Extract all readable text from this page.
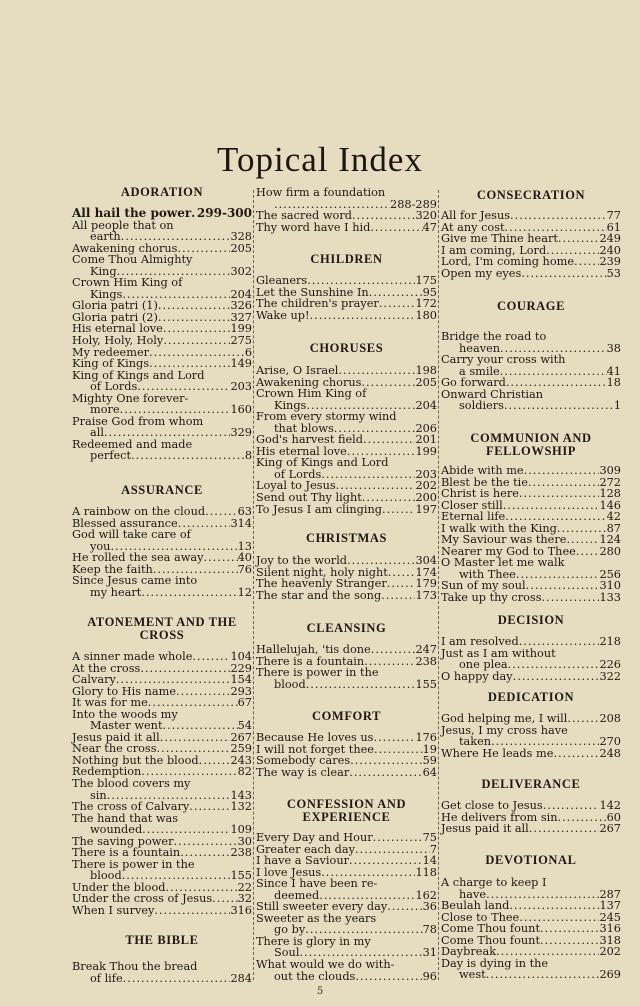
Topical Index
ADORATION
All hail the power ..... 299-300
All people that on
earth .....	328
Awakening chorus .....	205
Come Thou Almighty
King .....	302
Crown Him King of
Kings .....	204
Gloria patri (1) .....	326
Gloria patri (2) .....	327
His eternal love .....	199
Holy, Holy, Holy .....	275
My redeemer .....	6
King of Kings .....	149
King of Kings and Lord
of Lords .....	203
Mighty One forever-
more .....	160
Praise God from whom
all .....	329
Redeemed and made
perfect .....	8
ASSURANCE
A rainbow on the cloud .....	63
Blessed assurance .....	314
God will take care of
you .....	13
He rolled the sea away .....	40
Keep the faith .....	76
Since Jesus came into
my heart .....	12
ATONEMENT AND THE CROSS
A sinner made whole .....	104
At the cross .....	229
Calvary .....	154
Glory to His name .....	293
It was for me .....	67
Into the woods my
Master went .....	54
Jesus paid it all .....	267
Near the cross .....	259
Nothing but the blood .....	243
Redemption .....	82
The blood covers my
sin .....	143
The cross of Calvary .....	132
The hand that was
wounded .....	109
The saving power .....	30
There is a fountain .....	238
There is power in the
blood .....	155
Under the blood .....	22
Under the cross of Jesus ..... 32
When I survey .....	316
THE BIBLE
Break Thou the bread
of life .....	284
How firm a foundation
.....
288-289
The sacred word .....	320
Thy word have I hid .....	47
CHILDREN
Gleaners .....	175
Let the Sunshine In .....	95
The children's prayer .....	172
Wake up! .....	180
CHORUSES
Arise, O Israel .....	198
Awakening chorus .....	205
Crown Him King of
Kings .....	204
From every stormy wind
that blows .....	206
God's harvest field .....	201
His eternal love .....	199
King of Kings and Lord
of Lords .....	203
Loyal to Jesus .....	202
Send out Thy light .....	200
To Jesus I am clinging .....	197
CHRISTMAS
Joy to the world .....	304
Silent night, holy night ..... 174
The heavenly Stranger .....	179
The star and the song .....	173
CLEANSING
Hallelujah, 'tis done .....	247
There is a fountain .....	238
There is power in the
blood .....	155
COMFORT
Because He loves us .....	176
I will not forget thee .....	19
Somebody cares .....	59
The way is clear .....	64
CONFESSION AND EXPERIENCE
Every Day and Hour .....	75
Greater each day .....	7
I have a Saviour .....	14
I love Jesus .....	118
Since I have been re-
deemed .....	162
Still sweeter every day .....	36
Sweeter as the years
go by .....	78
There is glory in my
Soul .....	31
What would we do with-
out the clouds .....	96
CONSECRATION
All for Jesus .....	77
At any cost .....	61
Give me Thine heart .....	249
I am coming, Lord .....	240
Lord, I'm coming home ..... 239
Open my eyes .....	53
COURAGE
Bridge the road to
heaven .....	38
Carry your cross with
a smile .....	41
Go forward .....	18
Onward Christian
soldiers .....	1
COMMUNION AND FELLOWSHIP
Abide with me .....	309
Blest be the tie .....	272
Christ is here .....	128
Closer still .....	146
Eternal life .....	42
I walk with the King .....	87
My Saviour was there .....	124
Nearer my God to Thee ..... 280
O Master let me walk
with Thee .....	256
Sun of my soul .....	310
Take up thy cross .....	133
DECISION
I am resolved .....	218
Just as I am without
one plea .....	226
O happy day .....	322
DEDICATION
God helping me, I will .....	208
Jesus, I my cross have
taken .....	270
Where He leads me .....	248
DELIVERANCE
Get close to Jesus .....	142
He delivers from sin .....	60
Jesus paid it all .....	267
DEVOTIONAL
A charge to keep I
have .....	287
Beulah land .....	137
Close to Thee .....	245
Come Thou fount .....	316
Come Thou fount .....	318
Daybreak .....	202
Day is dying in the
west .....	269
5
